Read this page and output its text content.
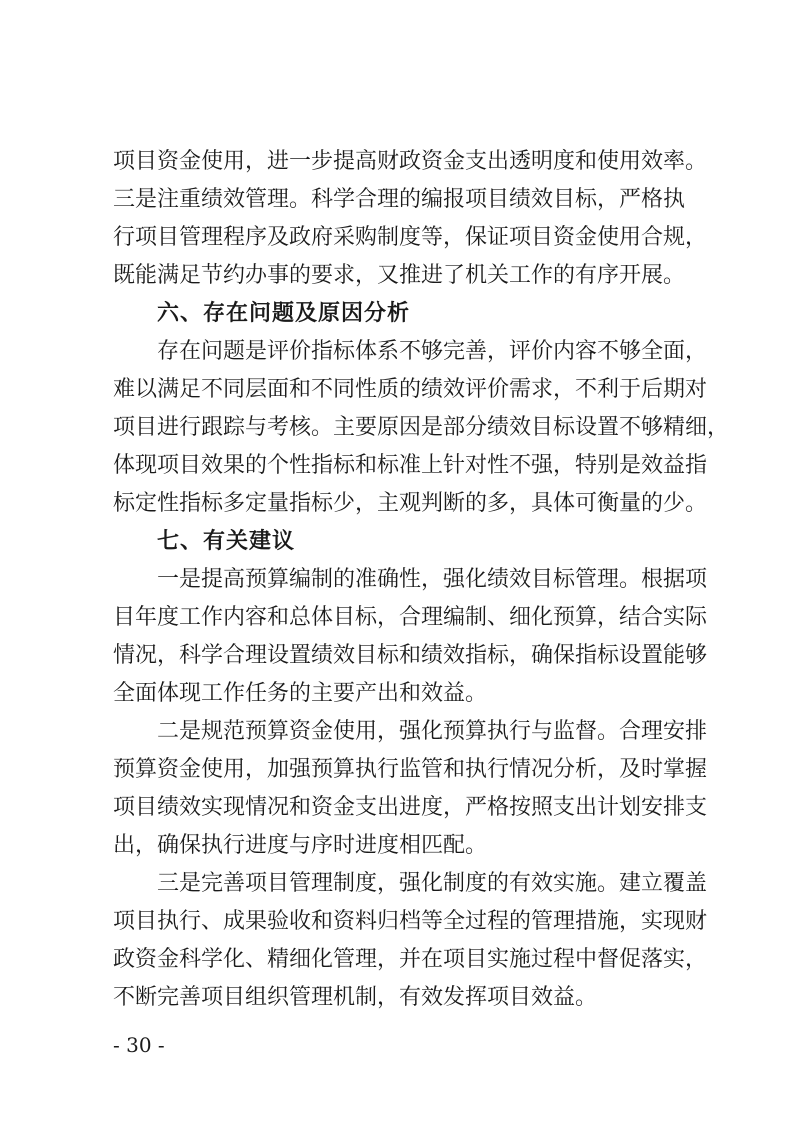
项目资金使用，进一步提高财政资金支出透明度和使用效率。
三是注重绩效管理。科学合理的编报项目绩效目标，严格执
行项目管理程序及政府采购制度等，保证项目资金使用合规，
既能满足节约办事的要求，又推进了机关工作的有序开展。
六、存在问题及原因分析
存在问题是评价指标体系不够完善，评价内容不够全面，
难以满足不同层面和不同性质的绩效评价需求，不利于后期对
项目进行跟踪与考核。主要原因是部分绩效目标设置不够精细，
体现项目效果的个性指标和标准上针对性不强，特别是效益指
标定性指标多定量指标少，主观判断的多，具体可衡量的少。
七、有关建议
一是提高预算编制的准确性，强化绩效目标管理。根据项
目年度工作内容和总体目标，合理编制、细化预算，结合实际
情况，科学合理设置绩效目标和绩效指标，确保指标设置能够
全面体现工作任务的主要产出和效益。
二是规范预算资金使用，强化预算执行与监督。合理安排
预算资金使用，加强预算执行监管和执行情况分析，及时掌握
项目绩效实现情况和资金支出进度，严格按照支出计划安排支
出，确保执行进度与序时进度相匹配。
三是完善项目管理制度，强化制度的有效实施。建立覆盖
项目执行、成果验收和资料归档等全过程的管理措施，实现财
政资金科学化、精细化管理，并在项目实施过程中督促落实，
不断完善项目组织管理机制，有效发挥项目效益。
- 30 -
